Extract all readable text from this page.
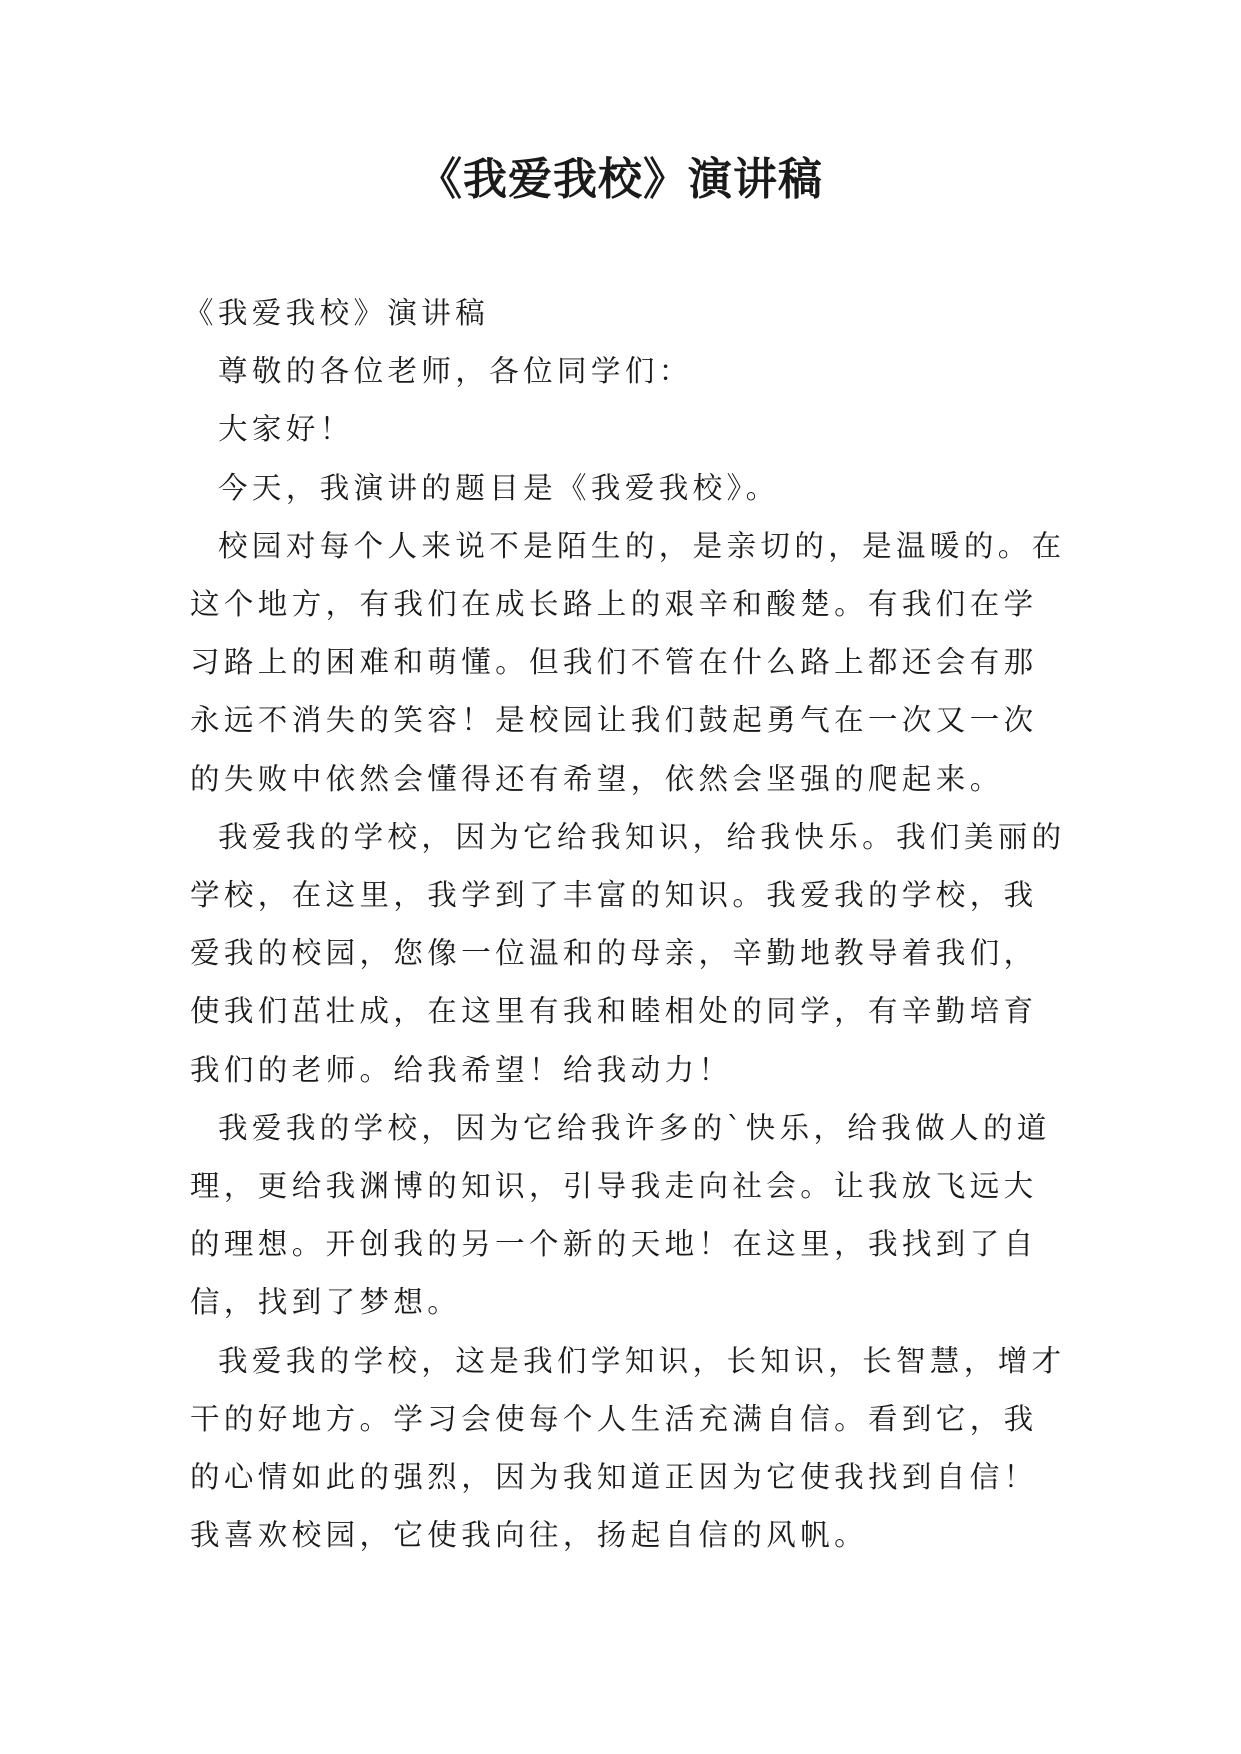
《我爱我校》演讲稿

《我爱我校》演讲稿

尊敬的各位老师，各位同学们：

大家好！

今天，我演讲的题目是《我爱我校》。

校园对每个人来说不是陌生的，是亲切的，是温暖的。在这个地方，有我们在成长路上的艰辛和酸楚。有我们在学习路上的困难和萌懂。但我们不管在什么路上都还会有那永远不消失的笑容！是校园让我们鼓起勇气在一次又一次的失败中依然会懂得还有希望，依然会坚强的爬起来。

我爱我的学校，因为它给我知识，给我快乐。我们美丽的学校，在这里，我学到了丰富的知识。我爱我的学校，我爱我的校园，您像一位温和的母亲，辛勤地教导着我们，使我们茁壮成，在这里有我和睦相处的同学，有辛勤培育我们的老师。给我希望！给我动力！

我爱我的学校，因为它给我许多的`快乐，给我做人的道理，更给我渊博的知识，引导我走向社会。让我放飞远大的理想。开创我的另一个新的天地！在这里，我找到了自信，找到了梦想。

我爱我的学校，这是我们学知识，长知识，长智慧，增才干的好地方。学习会使每个人生活充满自信。看到它，我的心情如此的强烈，因为我知道正因为它使我找到自信！我喜欢校园，它使我向往，扬起自信的风帆。
